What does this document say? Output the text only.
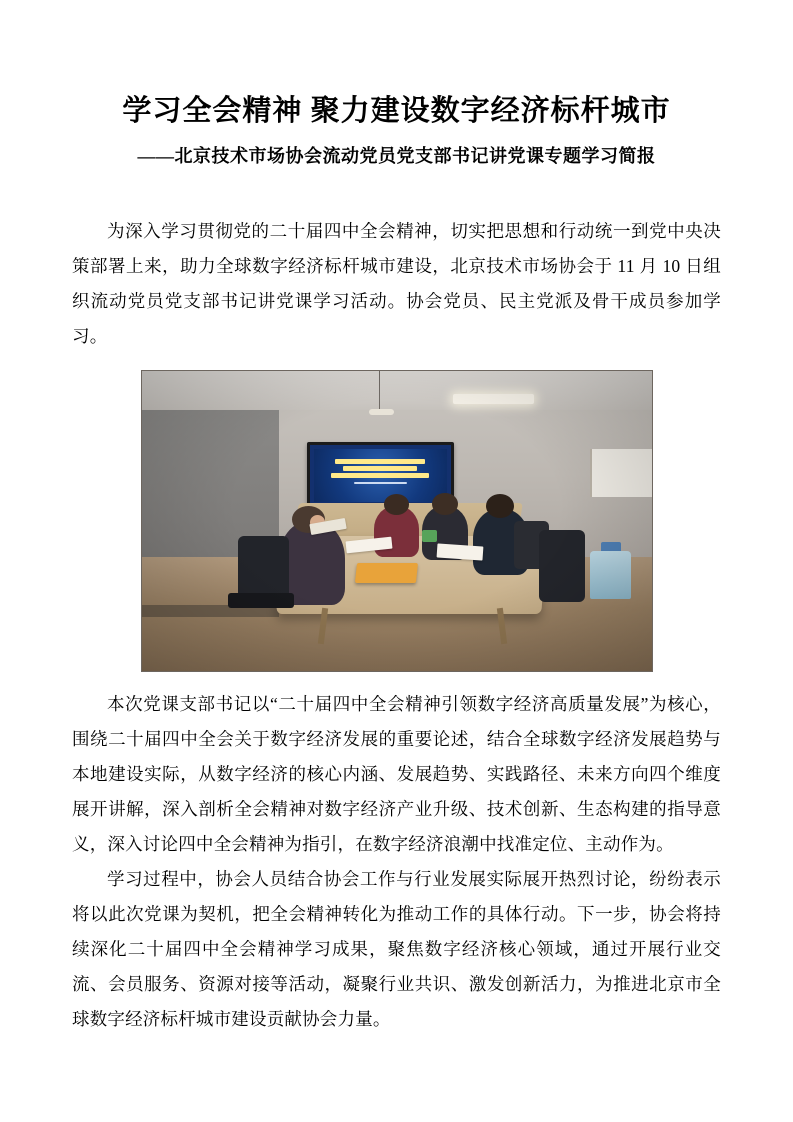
学习全会精神 聚力建设数字经济标杆城市
——北京技术市场协会流动党员党支部书记讲党课专题学习简报

为深入学习贯彻党的二十届四中全会精神，切实把思想和行动统一到党中央决策部署上来，助力全球数字经济标杆城市建设，北京技术市场协会于 11 月 10 日组织流动党员党支部书记讲党课学习活动。协会党员、民主党派及骨干成员参加学习。

本次党课支部书记以“二十届四中全会精神引领数字经济高质量发展”为核心，围绕二十届四中全会关于数字经济发展的重要论述，结合全球数字经济发展趋势与本地建设实际，从数字经济的核心内涵、发展趋势、实践路径、未来方向四个维度展开讲解，深入剖析全会精神对数字经济产业升级、技术创新、生态构建的指导意义，深入讨论四中全会精神为指引，在数字经济浪潮中找准定位、主动作为。

学习过程中，协会人员结合协会工作与行业发展实际展开热烈讨论，纷纷表示将以此次党课为契机，把全会精神转化为推动工作的具体行动。下一步，协会将持续深化二十届四中全会精神学习成果，聚焦数字经济核心领域，通过开展行业交流、会员服务、资源对接等活动，凝聚行业共识、激发创新活力，为推进北京市全球数字经济标杆城市建设贡献协会力量。
